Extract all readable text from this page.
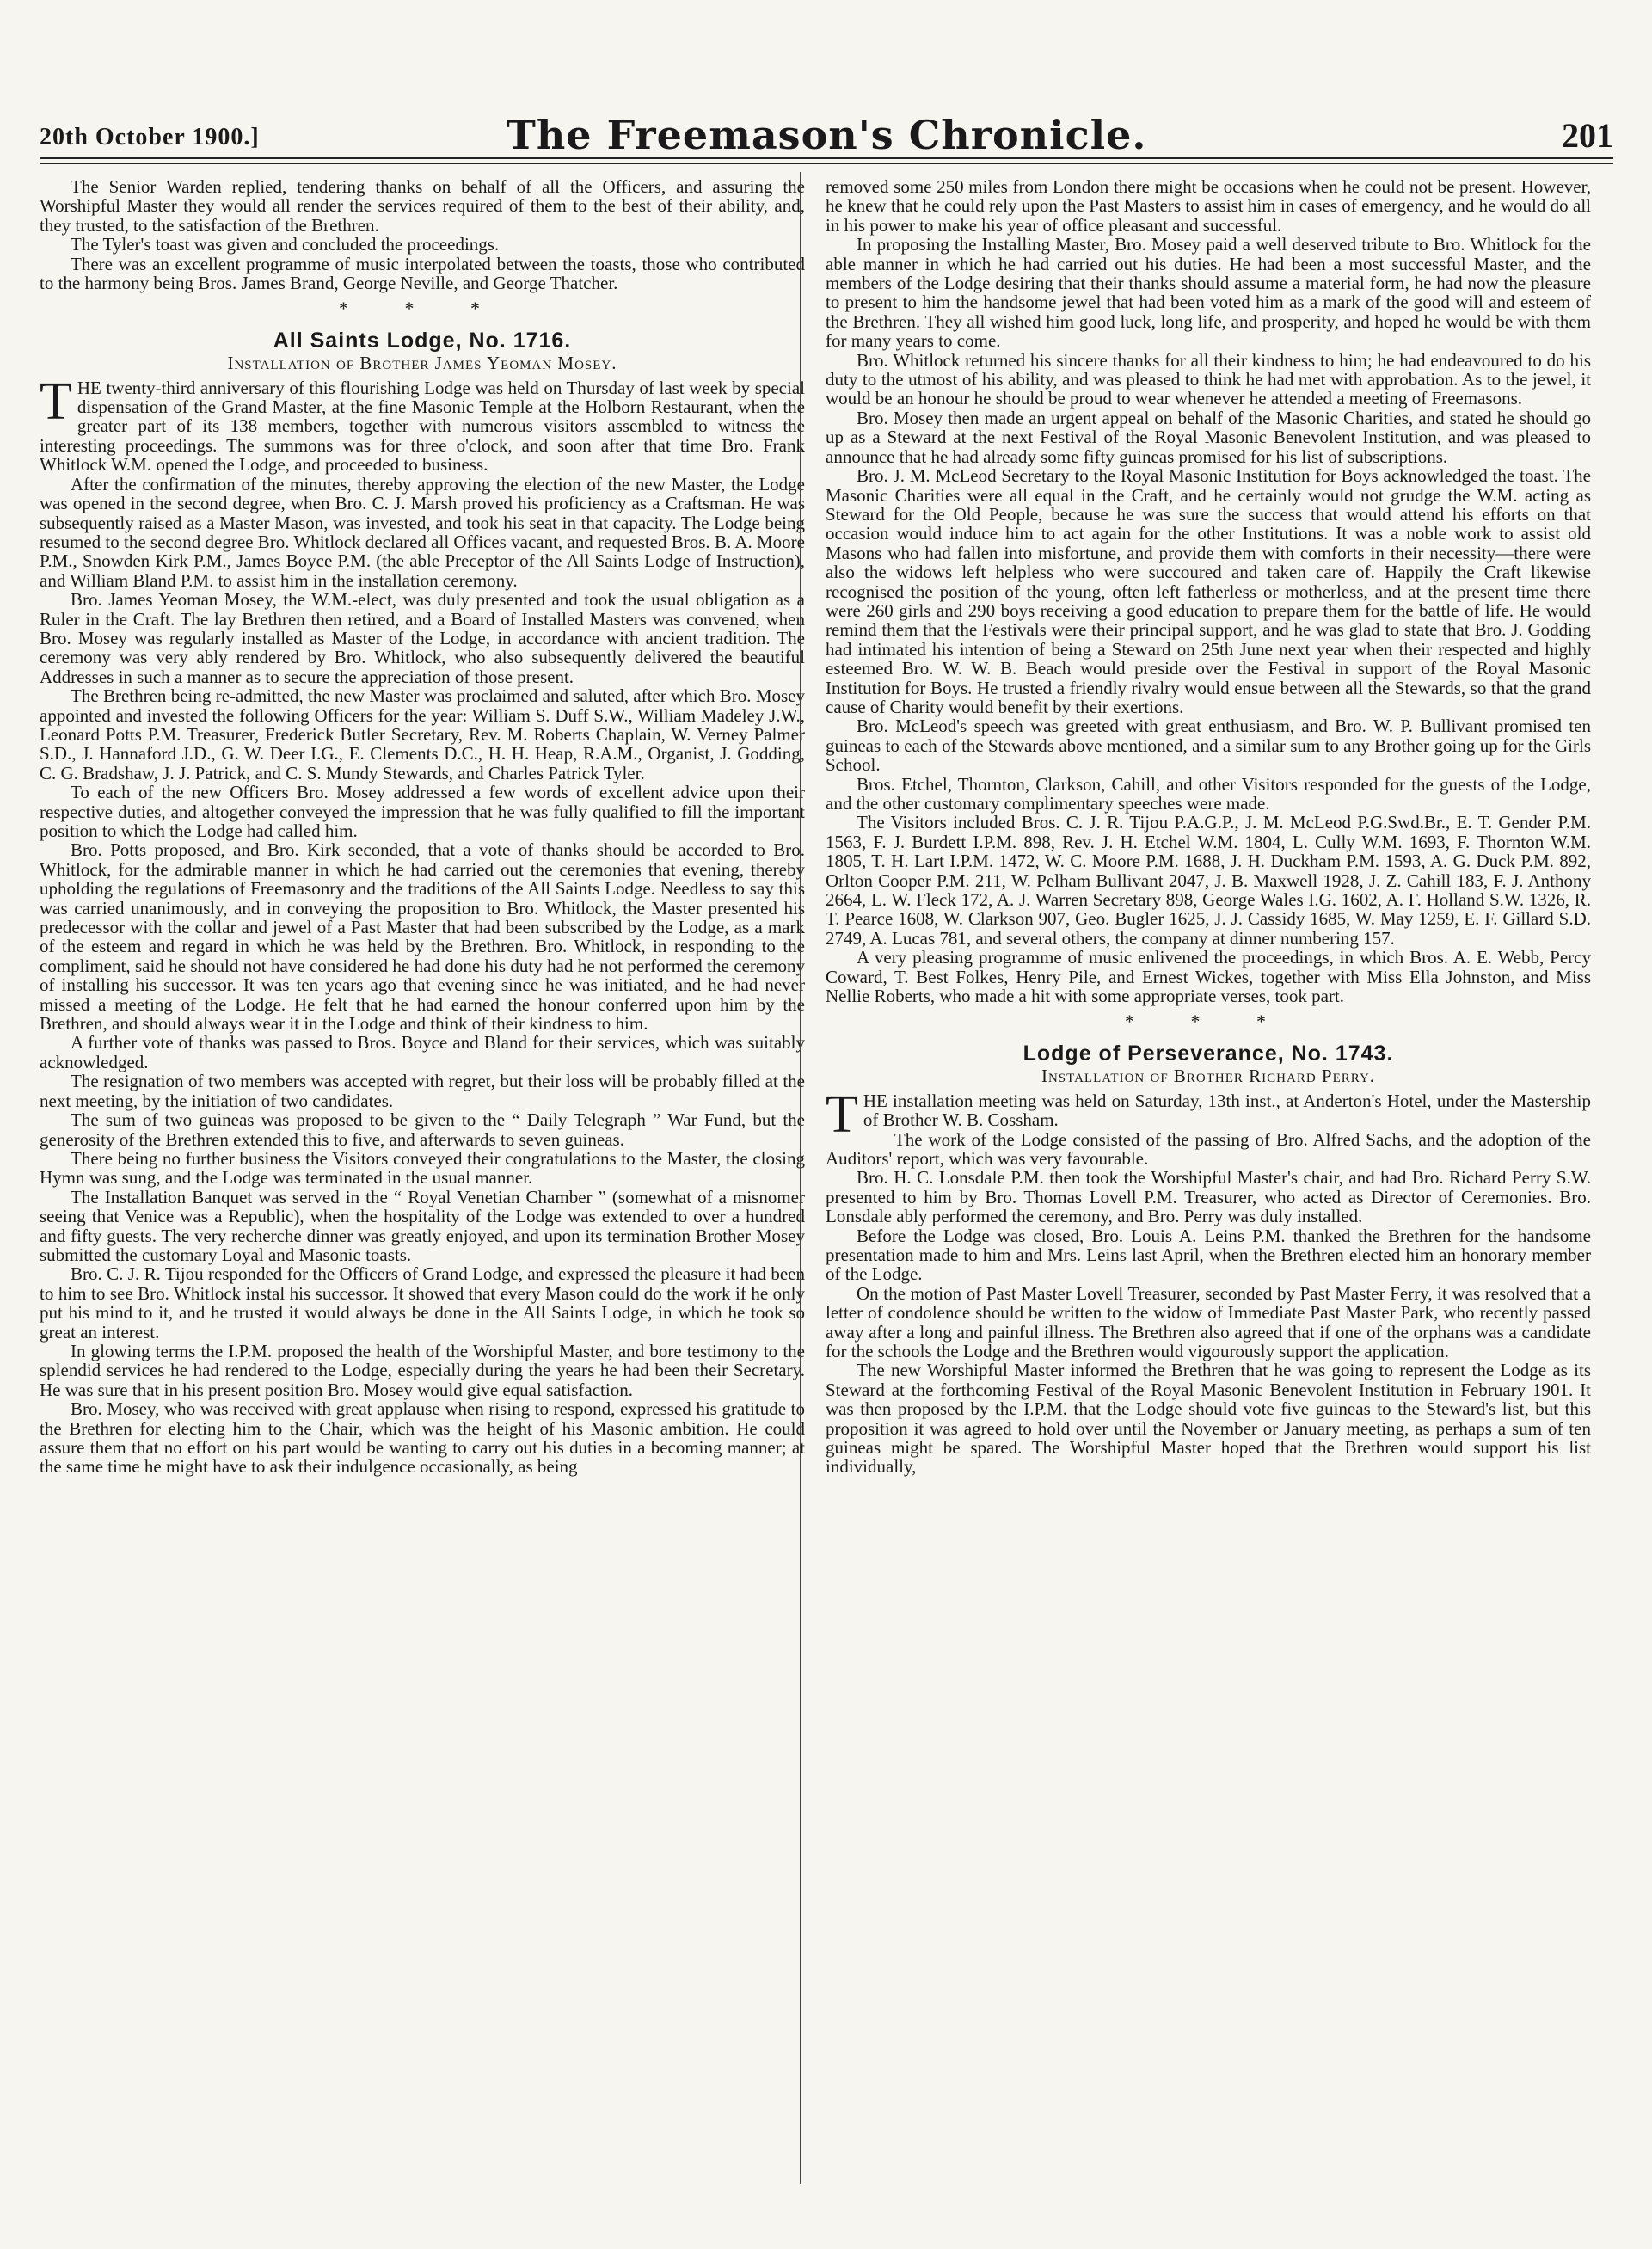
20th October 1900.]	The Freemason's Chronicle.	201

The Senior Warden replied, tendering thanks on behalf of all the Officers, and assuring the Worshipful Master they would all render the services required of them to the best of their ability, and, they trusted, to the satisfaction of the Brethren.

The Tyler's toast was given and concluded the proceedings.

There was an excellent programme of music interpolated between the toasts, those who contributed to the harmony being Bros. James Brand, George Neville, and George Thatcher.

* * *
All Saints Lodge, No. 1716.
Installation of Brother James Yeoman Mosey.

THE twenty-third anniversary of this flourishing Lodge was held on Thursday of last week by special dispensation of the Grand Master, at the fine Masonic Temple at the Holborn Restaurant, when the greater part of its 138 members, together with numerous visitors assembled to witness the interesting proceedings. The summons was for three o'clock, and soon after that time Bro. Frank Whitlock W.M. opened the Lodge, and proceeded to business.

After the confirmation of the minutes, thereby approving the election of the new Master, the Lodge was opened in the second degree, when Bro. C. J. Marsh proved his proficiency as a Craftsman. He was subsequently raised as a Master Mason, was invested, and took his seat in that capacity. The Lodge being resumed to the second degree Bro. Whitlock declared all Offices vacant, and requested Bros. B. A. Moore P.M., Snowden Kirk P.M., James Boyce P.M. (the able Preceptor of the All Saints Lodge of Instruction), and William Bland P.M. to assist him in the installation ceremony.

Bro. James Yeoman Mosey, the W.M.-elect, was duly presented and took the usual obligation as a Ruler in the Craft. The lay Brethren then retired, and a Board of Installed Masters was convened, when Bro. Mosey was regularly installed as Master of the Lodge, in accordance with ancient tradition. The ceremony was very ably rendered by Bro. Whitlock, who also subsequently delivered the beautiful Addresses in such a manner as to secure the appreciation of those present.

The Brethren being re-admitted, the new Master was proclaimed and saluted, after which Bro. Mosey appointed and invested the following Officers for the year: William S. Duff S.W., William Madeley J.W., Leonard Potts P.M. Treasurer, Frederick Butler Secretary, Rev. M. Roberts Chaplain, W. Verney Palmer S.D., J. Hannaford J.D., G. W. Deer I.G., E. Clements D.C., H. H. Heap, R.A.M., Organist, J. Godding, C. G. Bradshaw, J. J. Patrick, and C. S. Mundy Stewards, and Charles Patrick Tyler.

To each of the new Officers Bro. Mosey addressed a few words of excellent advice upon their respective duties, and altogether conveyed the impression that he was fully qualified to fill the important position to which the Lodge had called him.

Bro. Potts proposed, and Bro. Kirk seconded, that a vote of thanks should be accorded to Bro. Whitlock, for the admirable manner in which he had carried out the ceremonies that evening, thereby upholding the regulations of Freemasonry and the traditions of the All Saints Lodge. Needless to say this was carried unanimously, and in conveying the proposition to Bro. Whitlock, the Master presented his predecessor with the collar and jewel of a Past Master that had been subscribed by the Lodge, as a mark of the esteem and regard in which he was held by the Brethren. Bro. Whitlock, in responding to the compliment, said he should not have considered he had done his duty had he not performed the ceremony of installing his successor. It was ten years ago that evening since he was initiated, and he had never missed a meeting of the Lodge. He felt that he had earned the honour conferred upon him by the Brethren, and should always wear it in the Lodge and think of their kindness to him.

A further vote of thanks was passed to Bros. Boyce and Bland for their services, which was suitably acknowledged.

The resignation of two members was accepted with regret, but their loss will be probably filled at the next meeting, by the initiation of two candidates.

The sum of two guineas was proposed to be given to the “ Daily Telegraph ” War Fund, but the generosity of the Brethren extended this to five, and afterwards to seven guineas.

There being no further business the Visitors conveyed their congratulations to the Master, the closing Hymn was sung, and the Lodge was terminated in the usual manner.

The Installation Banquet was served in the “ Royal Venetian Chamber ” (somewhat of a misnomer seeing that Venice was a Republic), when the hospitality of the Lodge was extended to over a hundred and fifty guests. The very recherche dinner was greatly enjoyed, and upon its termination Brother Mosey submitted the customary Loyal and Masonic toasts.

Bro. C. J. R. Tijou responded for the Officers of Grand Lodge, and expressed the pleasure it had been to him to see Bro. Whitlock instal his successor. It showed that every Mason could do the work if he only put his mind to it, and he trusted it would always be done in the All Saints Lodge, in which he took so great an interest.

In glowing terms the I.P.M. proposed the health of the Worshipful Master, and bore testimony to the splendid services he had rendered to the Lodge, especially during the years he had been their Secretary. He was sure that in his present position Bro. Mosey would give equal satisfaction.

Bro. Mosey, who was received with great applause when rising to respond, expressed his gratitude to the Brethren for electing him to the Chair, which was the height of his Masonic ambition. He could assure them that no effort on his part would be wanting to carry out his duties in a becoming manner; at the same time he might have to ask their indulgence occasionally, as being

removed some 250 miles from London there might be occasions when he could not be present. However, he knew that he could rely upon the Past Masters to assist him in cases of emergency, and he would do all in his power to make his year of office pleasant and successful.

In proposing the Installing Master, Bro. Mosey paid a well deserved tribute to Bro. Whitlock for the able manner in which he had carried out his duties. He had been a most successful Master, and the members of the Lodge desiring that their thanks should assume a material form, he had now the pleasure to present to him the handsome jewel that had been voted him as a mark of the good will and esteem of the Brethren. They all wished him good luck, long life, and prosperity, and hoped he would be with them for many years to come.

Bro. Whitlock returned his sincere thanks for all their kindness to him; he had endeavoured to do his duty to the utmost of his ability, and was pleased to think he had met with approbation. As to the jewel, it would be an honour he should be proud to wear whenever he attended a meeting of Freemasons.

Bro. Mosey then made an urgent appeal on behalf of the Masonic Charities, and stated he should go up as a Steward at the next Festival of the Royal Masonic Benevolent Institution, and was pleased to announce that he had already some fifty guineas promised for his list of subscriptions.

Bro. J. M. McLeod Secretary to the Royal Masonic Institution for Boys acknowledged the toast. The Masonic Charities were all equal in the Craft, and he certainly would not grudge the W.M. acting as Steward for the Old People, because he was sure the success that would attend his efforts on that occasion would induce him to act again for the other Institutions. It was a noble work to assist old Masons who had fallen into misfortune, and provide them with comforts in their necessity—there were also the widows left helpless who were succoured and taken care of. Happily the Craft likewise recognised the position of the young, often left fatherless or motherless, and at the present time there were 260 girls and 290 boys receiving a good education to prepare them for the battle of life. He would remind them that the Festivals were their principal support, and he was glad to state that Bro. J. Godding had intimated his intention of being a Steward on 25th June next year when their respected and highly esteemed Bro. W. W. B. Beach would preside over the Festival in support of the Royal Masonic Institution for Boys. He trusted a friendly rivalry would ensue between all the Stewards, so that the grand cause of Charity would benefit by their exertions.

Bro. McLeod's speech was greeted with great enthusiasm, and Bro. W. P. Bullivant promised ten guineas to each of the Stewards above mentioned, and a similar sum to any Brother going up for the Girls School.

Bros. Etchel, Thornton, Clarkson, Cahill, and other Visitors responded for the guests of the Lodge, and the other customary complimentary speeches were made.

The Visitors included Bros. C. J. R. Tijou P.A.G.P., J. M. McLeod P.G.Swd.Br., E. T. Gender P.M. 1563, F. J. Burdett I.P.M. 898, Rev. J. H. Etchel W.M. 1804, L. Cully W.M. 1693, F. Thornton W.M. 1805, T. H. Lart I.P.M. 1472, W. C. Moore P.M. 1688, J. H. Duckham P.M. 1593, A. G. Duck P.M. 892, Orlton Cooper P.M. 211, W. Pelham Bullivant 2047, J. B. Maxwell 1928, J. Z. Cahill 183, F. J. Anthony 2664, L. W. Fleck 172, A. J. Warren Secretary 898, George Wales I.G. 1602, A. F. Holland S.W. 1326, R. T. Pearce 1608, W. Clarkson 907, Geo. Bugler 1625, J. J. Cassidy 1685, W. May 1259, E. F. Gillard S.D. 2749, A. Lucas 781, and several others, the company at dinner numbering 157.

A very pleasing programme of music enlivened the proceedings, in which Bros. A. E. Webb, Percy Coward, T. Best Folkes, Henry Pile, and Ernest Wickes, together with Miss Ella Johnston, and Miss Nellie Roberts, who made a hit with some appropriate verses, took part.

* * *
Lodge of Perseverance, No. 1743.
Installation of Brother Richard Perry.

THE installation meeting was held on Saturday, 13th inst., at Anderton's Hotel, under the Mastership of Brother W. B. Cossham.

The work of the Lodge consisted of the passing of Bro. Alfred Sachs, and the adoption of the Auditors' report, which was very favourable.

Bro. H. C. Lonsdale P.M. then took the Worshipful Master's chair, and had Bro. Richard Perry S.W. presented to him by Bro. Thomas Lovell P.M. Treasurer, who acted as Director of Ceremonies. Bro. Lonsdale ably performed the ceremony, and Bro. Perry was duly installed.

Before the Lodge was closed, Bro. Louis A. Leins P.M. thanked the Brethren for the handsome presentation made to him and Mrs. Leins last April, when the Brethren elected him an honorary member of the Lodge.

On the motion of Past Master Lovell Treasurer, seconded by Past Master Ferry, it was resolved that a letter of condolence should be written to the widow of Immediate Past Master Park, who recently passed away after a long and painful illness. The Brethren also agreed that if one of the orphans was a candidate for the schools the Lodge and the Brethren would vigourously support the application.

The new Worshipful Master informed the Brethren that he was going to represent the Lodge as its Steward at the forthcoming Festival of the Royal Masonic Benevolent Institution in February 1901. It was then proposed by the I.P.M. that the Lodge should vote five guineas to the Steward's list, but this proposition it was agreed to hold over until the November or January meeting, as perhaps a sum of ten guineas might be spared. The Worshipful Master hoped that the Brethren would support his list individually,
